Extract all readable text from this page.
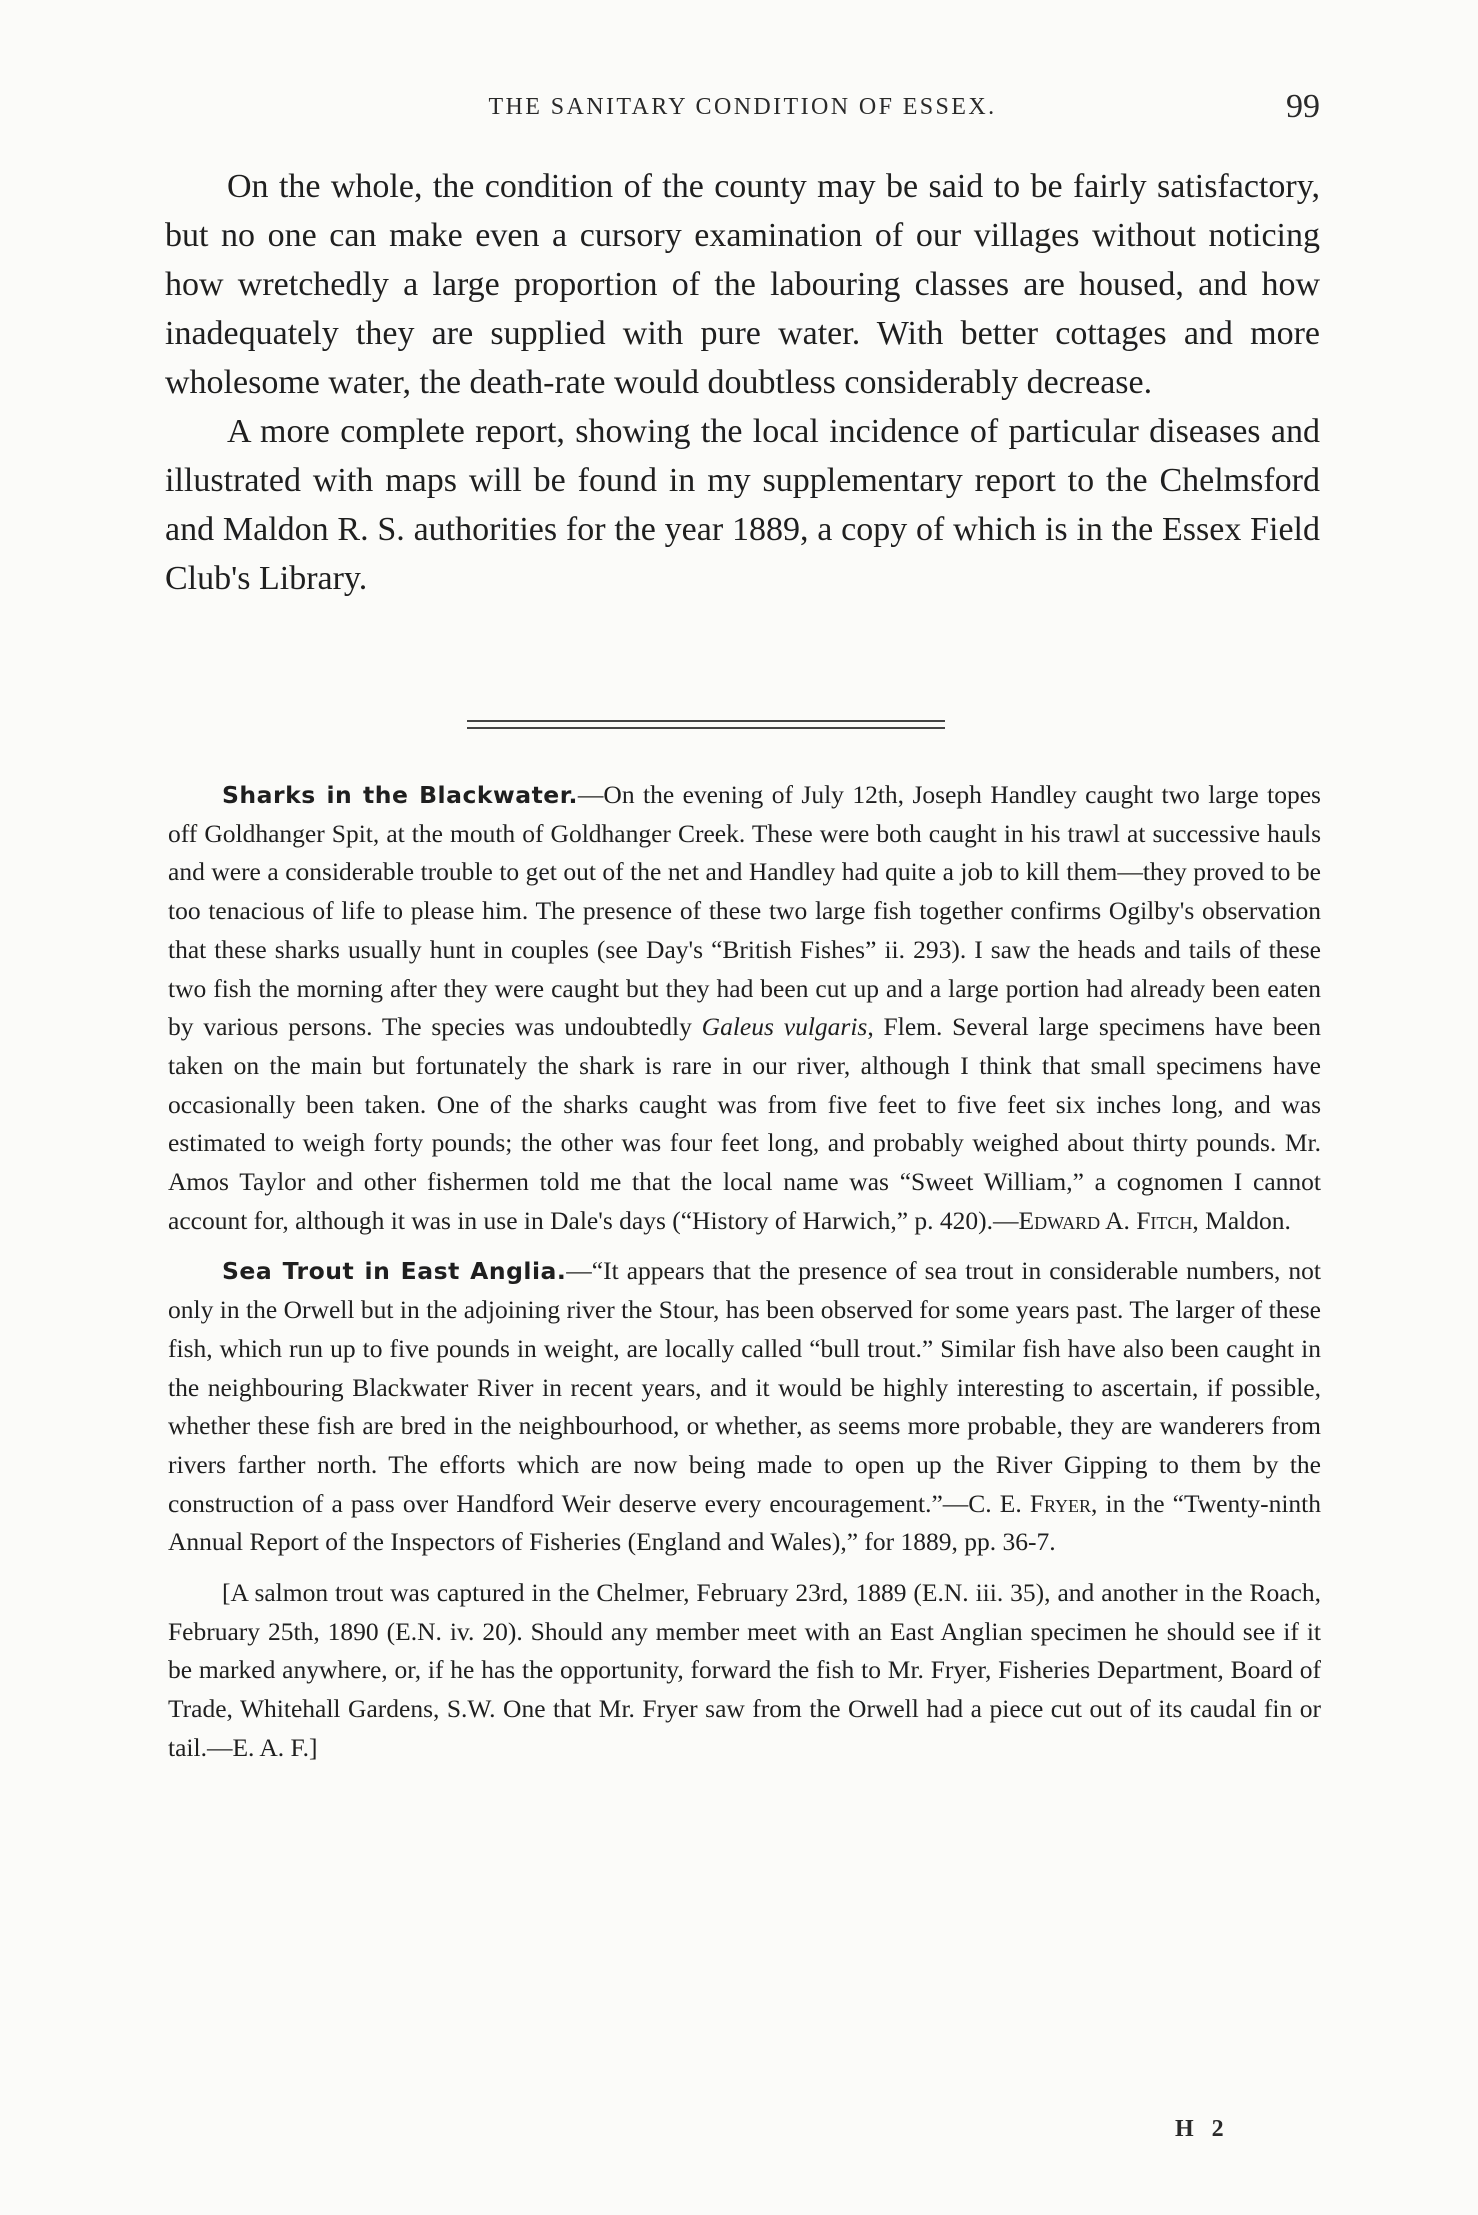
THE SANITARY CONDITION OF ESSEX.	99

On the whole, the condition of the county may be said to be fairly satisfactory, but no one can make even a cursory examination of our villages without noticing how wretchedly a large proportion of the labouring classes are housed, and how inadequately they are supplied with pure water. With better cottages and more wholesome water, the death-rate would doubtless considerably decrease.

A more complete report, showing the local incidence of particular diseases and illustrated with maps will be found in my supplementary report to the Chelmsford and Maldon R. S. authorities for the year 1889, a copy of which is in the Essex Field Club's Library.

Sharks in the Blackwater.—On the evening of July 12th, Joseph Handley caught two large topes off Goldhanger Spit, at the mouth of Goldhanger Creek. These were both caught in his trawl at successive hauls and were a considerable trouble to get out of the net and Handley had quite a job to kill them—they proved to be too tenacious of life to please him. The presence of these two large fish together confirms Ogilby's observation that these sharks usually hunt in couples (see Day's “British Fishes” ii. 293). I saw the heads and tails of these two fish the morning after they were caught but they had been cut up and a large portion had already been eaten by various persons. The species was undoubtedly Galeus vulgaris, Flem. Several large specimens have been taken on the main but fortunately the shark is rare in our river, although I think that small specimens have occasionally been taken. One of the sharks caught was from five feet to five feet six inches long, and was estimated to weigh forty pounds; the other was four feet long, and probably weighed about thirty pounds. Mr. Amos Taylor and other fishermen told me that the local name was “Sweet William,” a cognomen I cannot account for, although it was in use in Dale's days (“History of Harwich,” p. 420).—Edward A. Fitch, Maldon.

Sea Trout in East Anglia.—“It appears that the presence of sea trout in considerable numbers, not only in the Orwell but in the adjoining river the Stour, has been observed for some years past. The larger of these fish, which run up to five pounds in weight, are locally called “bull trout.” Similar fish have also been caught in the neighbouring Blackwater River in recent years, and it would be highly interesting to ascertain, if possible, whether these fish are bred in the neighbourhood, or whether, as seems more probable, they are wanderers from rivers farther north. The efforts which are now being made to open up the River Gipping to them by the construction of a pass over Handford Weir deserve every encouragement.”—C. E. Fryer, in the “Twenty-ninth Annual Report of the Inspectors of Fisheries (England and Wales),” for 1889, pp. 36-7.

[A salmon trout was captured in the Chelmer, February 23rd, 1889 (E.N. iii. 35), and another in the Roach, February 25th, 1890 (E.N. iv. 20). Should any member meet with an East Anglian specimen he should see if it be marked anywhere, or, if he has the opportunity, forward the fish to Mr. Fryer, Fisheries Department, Board of Trade, Whitehall Gardens, S.W. One that Mr. Fryer saw from the Orwell had a piece cut out of its caudal fin or tail.—E. A. F.]

H 2
